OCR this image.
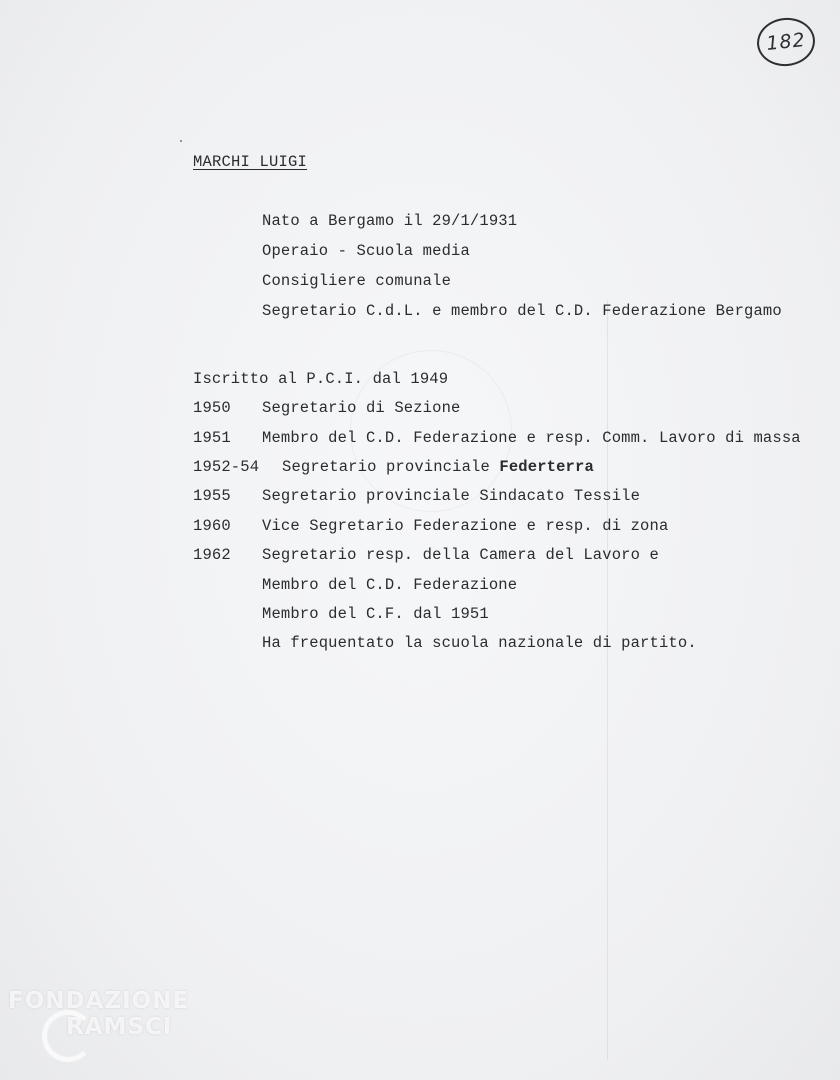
182
MARCHI LUIGI
Nato a Bergamo il 29/1/1931
Operaio - Scuola media
Consigliere comunale
Segretario C.d.L. e membro del C.D. Federazione Bergamo
Iscritto al P.C.I. dal 1949
1950 Segretario di Sezione
1951 Membro del C.D. Federazione e resp. Comm. Lavoro di massa
1952-54 Segretario provinciale Federterra
1955 Segretario provinciale Sindacato Tessile
1960 Vice Segretario Federazione e resp. di zona
1962 Segretario resp. della Camera del Lavoro e
Membro del C.D. Federazione
Membro del C.F. dal 1951
Ha frequentato la scuola nazionale di partito.
FONDAZIONE
RAMSCI
